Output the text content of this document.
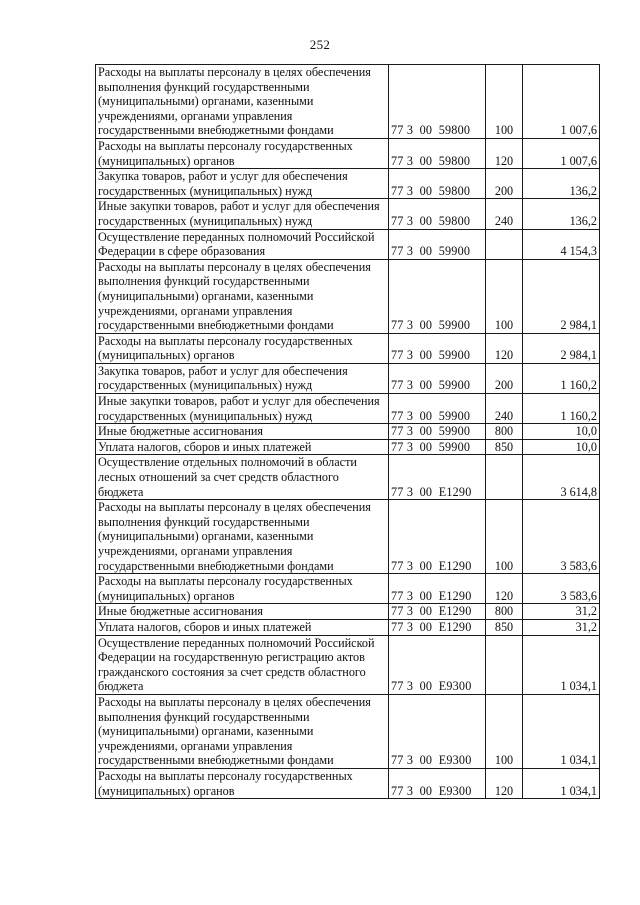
252
Расходы на выплаты персоналу в целях обеспечения выполнения функций государственными (муниципальными) органами, казенными учреждениями, органами управления государственными внебюджетными фондами	77 3  00  59800	100	1 007,6
Расходы на выплаты персоналу государственных (муниципальных) органов	77 3  00  59800	120	1 007,6
Закупка товаров, работ и услуг для обеспечения государственных (муниципальных) нужд	77 3  00  59800	200	136,2
Иные закупки товаров, работ и услуг для обеспечения государственных (муниципальных) нужд	77 3  00  59800	240	136,2
Осуществление переданных полномочий Российской Федерации в сфере образования	77 3  00  59900		4 154,3
Расходы на выплаты персоналу в целях обеспечения выполнения функций государственными (муниципальными) органами, казенными учреждениями, органами управления государственными внебюджетными фондами	77 3  00  59900	100	2 984,1
Расходы на выплаты персоналу государственных (муниципальных) органов	77 3  00  59900	120	2 984,1
Закупка товаров, работ и услуг для обеспечения государственных (муниципальных) нужд	77 3  00  59900	200	1 160,2
Иные закупки товаров, работ и услуг для обеспечения государственных (муниципальных) нужд	77 3  00  59900	240	1 160,2
Иные бюджетные ассигнования	77 3  00  59900	800	10,0
Уплата налогов, сборов и иных платежей	77 3  00  59900	850	10,0
Осуществление отдельных полномочий в области лесных отношений за счет средств областного бюджета	77 3  00  Е1290		3 614,8
Расходы на выплаты персоналу в целях обеспечения выполнения функций государственными (муниципальными) органами, казенными учреждениями, органами управления государственными внебюджетными фондами	77 3  00  Е1290	100	3 583,6
Расходы на выплаты персоналу государственных (муниципальных) органов	77 3  00  Е1290	120	3 583,6
Иные бюджетные ассигнования	77 3  00  Е1290	800	31,2
Уплата налогов, сборов и иных платежей	77 3  00  Е1290	850	31,2
Осуществление переданных полномочий Российской Федерации на государственную регистрацию актов гражданского состояния за счет средств областного бюджета	77 3  00  Е9300		1 034,1
Расходы на выплаты персоналу в целях обеспечения выполнения функций государственными (муниципальными) органами, казенными учреждениями, органами управления государственными внебюджетными фондами	77 3  00  Е9300	100	1 034,1
Расходы на выплаты персоналу государственных (муниципальных) органов	77 3  00  Е9300	120	1 034,1
